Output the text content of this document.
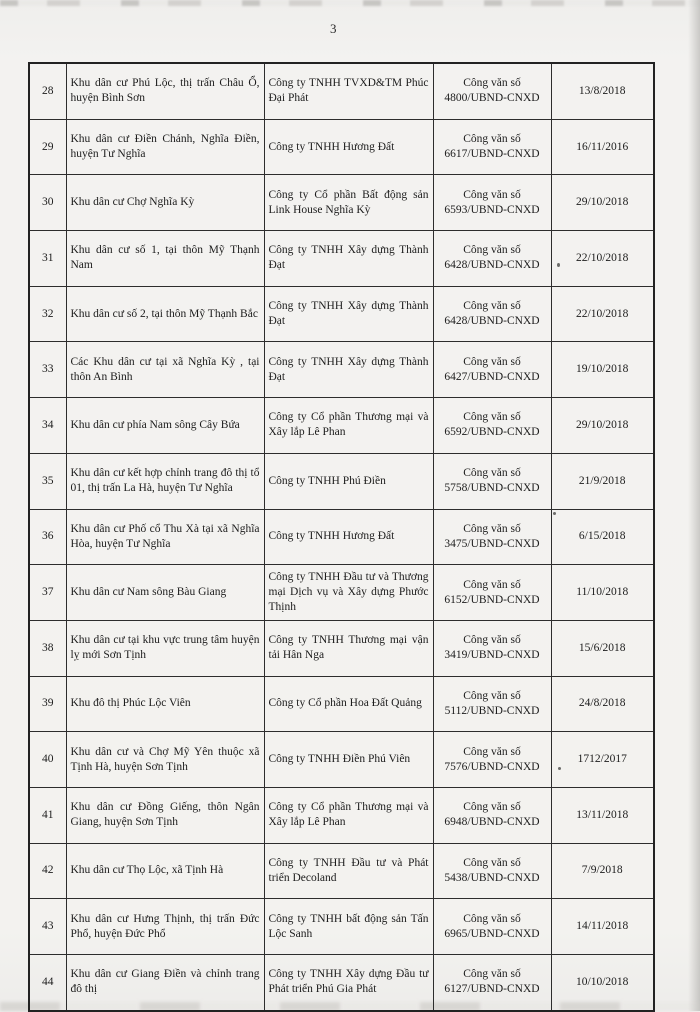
3
28	Khu dân cư Phú Lộc, thị trấn Châu Ổ, huyện Bình Sơn	Công ty TNHH TVXD&TM Phúc Đại Phát	Công văn số
4800/UBND-CNXD	13/8/2018
29	Khu dân cư Điền Chánh, Nghĩa Điền, huyện Tư Nghĩa	Công ty TNHH Hương Đất	Công văn số
6617/UBND-CNXD	16/11/2016
30	Khu dân cư Chợ Nghĩa Kỳ	Công ty Cổ phần Bất động sản Link House Nghĩa Kỳ	Công văn số
6593/UBND-CNXD	29/10/2018
31	Khu dân cư số 1, tại thôn Mỹ Thạnh Nam	Công ty TNHH Xây dựng Thành Đạt	Công văn số
6428/UBND-CNXD	22/10/2018
32	Khu dân cư số 2, tại thôn Mỹ Thạnh Bắc	Công ty TNHH Xây dựng Thành Đạt	Công văn số
6428/UBND-CNXD	22/10/2018
33	Các Khu dân cư tại xã Nghĩa Kỳ , tại thôn An Bình	Công ty TNHH Xây dựng Thành Đạt	Công văn số
6427/UBND-CNXD	19/10/2018
34	Khu dân cư phía Nam sông Cây Bứa	Công ty Cổ phần Thương mại và Xây lắp Lê Phan	Công văn số
6592/UBND-CNXD	29/10/2018
35	Khu dân cư kết hợp chỉnh trang đô thị tổ 01, thị trấn La Hà, huyện Tư Nghĩa	Công ty TNHH Phú Điền	Công văn số
5758/UBND-CNXD	21/9/2018
36	Khu dân cư Phố cổ Thu Xà tại xã Nghĩa Hòa, huyện Tư Nghĩa	Công ty TNHH Hương Đất	Công văn số
3475/UBND-CNXD	6/15/2018
37	Khu dân cư Nam sông Bàu Giang	Công ty TNHH Đầu tư và Thương mại Dịch vụ và Xây dựng Phước Thịnh	Công văn số
6152/UBND-CNXD	11/10/2018
38	Khu dân cư tại khu vực trung tâm huyện lỵ mới Sơn Tịnh	Công ty TNHH Thương mại vận tải Hân Nga	Công văn số
3419/UBND-CNXD	15/6/2018
39	Khu đô thị Phúc Lộc Viên	Công ty Cổ phần Hoa Đất Quảng	Công văn số
5112/UBND-CNXD	24/8/2018
40	Khu dân cư và Chợ Mỹ Yên thuộc xã Tịnh Hà, huyện Sơn Tịnh	Công ty TNHH Điền Phú Viên	Công văn số
7576/UBND-CNXD	1712/2017
41	Khu dân cư Đồng Giếng, thôn Ngân Giang, huyện Sơn Tịnh	Công ty Cổ phần Thương mại và Xây lắp Lê Phan	Công văn số
6948/UBND-CNXD	13/11/2018
42	Khu dân cư Thọ Lộc, xã Tịnh Hà	Công ty TNHH Đầu tư và Phát triển Decoland	Công văn số
5438/UBND-CNXD	7/9/2018
43	Khu dân cư Hưng Thịnh, thị trấn Đức Phổ, huyện Đức Phổ	Công ty TNHH bất động sản Tấn Lộc Sanh	Công văn số
6965/UBND-CNXD	14/11/2018
44	Khu dân cư Giang Điền và chỉnh trang đô thị	Công ty TNHH Xây dựng Đầu tư Phát triển Phú Gia Phát	Công văn số
6127/UBND-CNXD	10/10/2018
